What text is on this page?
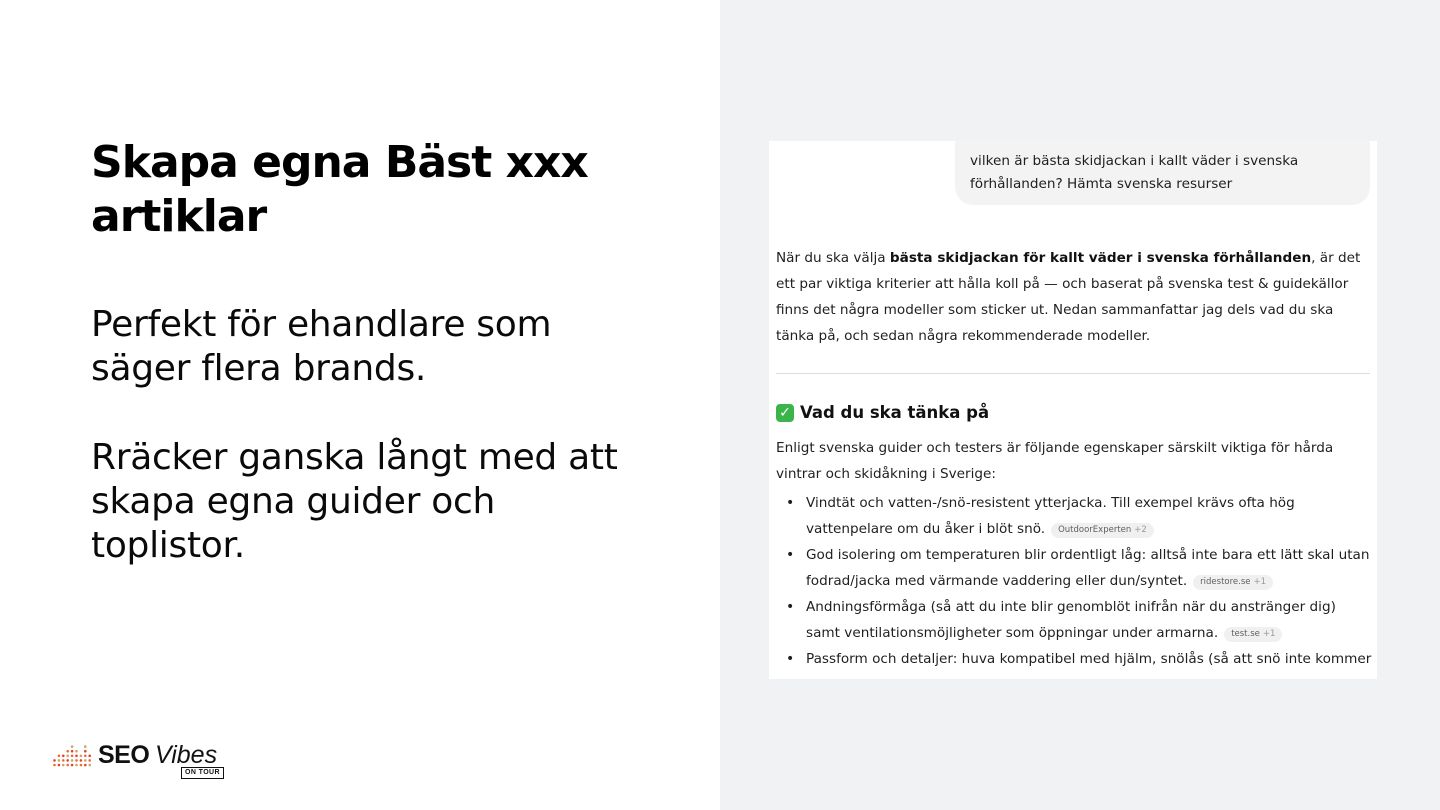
Skapa egna Bäst xxx artiklar

Perfekt för ehandlare som
säger flera brands.

Rräcker ganska långt med att
skapa egna guider och
toplistor.

SEO Vibes
ON TOUR
vilken är bästa skidjackan i kallt väder i svenska förhållanden? Hämta svenska resurser

När du ska välja bästa skidjackan för kallt väder i svenska förhållanden, är det ett par viktiga kriterier att hålla koll på — och baserat på svenska test & guidekällor finns det några modeller som sticker ut. Nedan sammanfattar jag dels vad du ska tänka på, och sedan några rekommenderade modeller.

✓ Vad du ska tänka på

Enligt svenska guider och testers är följande egenskaper särskilt viktiga för hårda vintrar och skidåkning i Sverige:

• Vindtät och vatten-/snö-resistent ytterjacka. Till exempel krävs ofta hög vattenpelare om du åker i blöt snö. OutdoorExperten +2
• God isolering om temperaturen blir ordentligt låg: alltså inte bara ett lätt skal utan fodrad/jacka med värmande vaddering eller dun/syntet. ridestore.se +1
• Andningsförmåga (så att du inte blir genomblöt inifrån när du anstränger dig) samt ventilationsmöjligheter som öppningar under armarna. test.se +1
• Passform och detaljer: huva kompatibel med hjälm, snölås (så att snö inte kommer
